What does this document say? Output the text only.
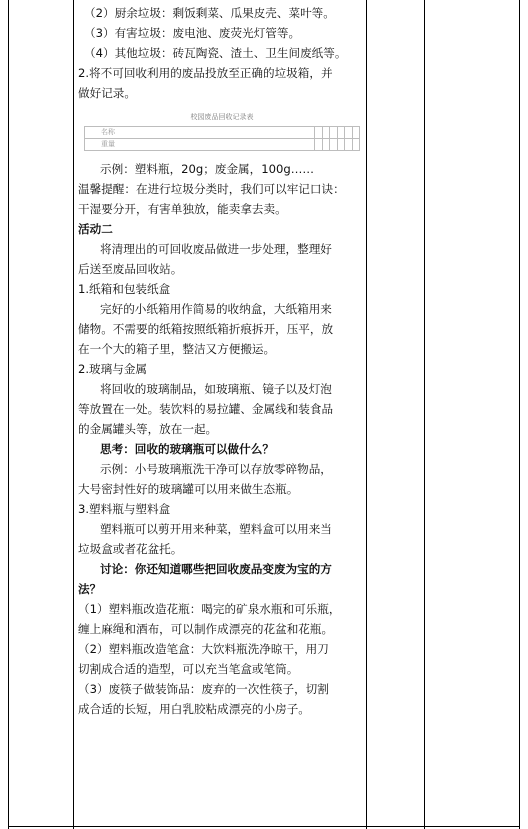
（2）厨余垃圾：剩饭剩菜、瓜果皮壳、菜叶等。

（3）有害垃圾：废电池、废荧光灯管等。

（4）其他垃圾：砖瓦陶瓷、渣土、卫生间废纸等。

2.将不可回收利用的废品投放至正确的垃圾箱，并

做好记录。

校园废品回收记录表
名称						
重量						

示例：塑料瓶，20g；废金属，100g……

温馨提醒：在进行垃圾分类时，我们可以牢记口诀：

干湿要分开，有害单独放，能卖拿去卖。

活动二

将清理出的可回收废品做进一步处理，整理好

后送至废品回收站。

1.纸箱和包装纸盒

完好的小纸箱用作简易的收纳盒，大纸箱用来

储物。不需要的纸箱按照纸箱折痕拆开，压平，放

在一个大的箱子里，整洁又方便搬运。

2.玻璃与金属

将回收的玻璃制品，如玻璃瓶、镜子以及灯泡

等放置在一处。装饮料的易拉罐、金属线和装食品

的金属罐头等，放在一起。

思考：回收的玻璃瓶可以做什么？

示例：小号玻璃瓶洗干净可以存放零碎物品，

大号密封性好的玻璃罐可以用来做生态瓶。

3.塑料瓶与塑料盒

塑料瓶可以剪开用来种菜，塑料盒可以用来当

垃圾盒或者花盆托。

讨论：你还知道哪些把回收废品变废为宝的方

法？

（1）塑料瓶改造花瓶：喝完的矿泉水瓶和可乐瓶，

缠上麻绳和酒布，可以制作成漂亮的花盆和花瓶。

（2）塑料瓶改造笔盒：大饮料瓶洗净晾干，用刀

切割成合适的造型，可以充当笔盒或笔筒。

（3）废筷子做装饰品：废弃的一次性筷子，切割

成合适的长短，用白乳胶粘成漂亮的小房子。
